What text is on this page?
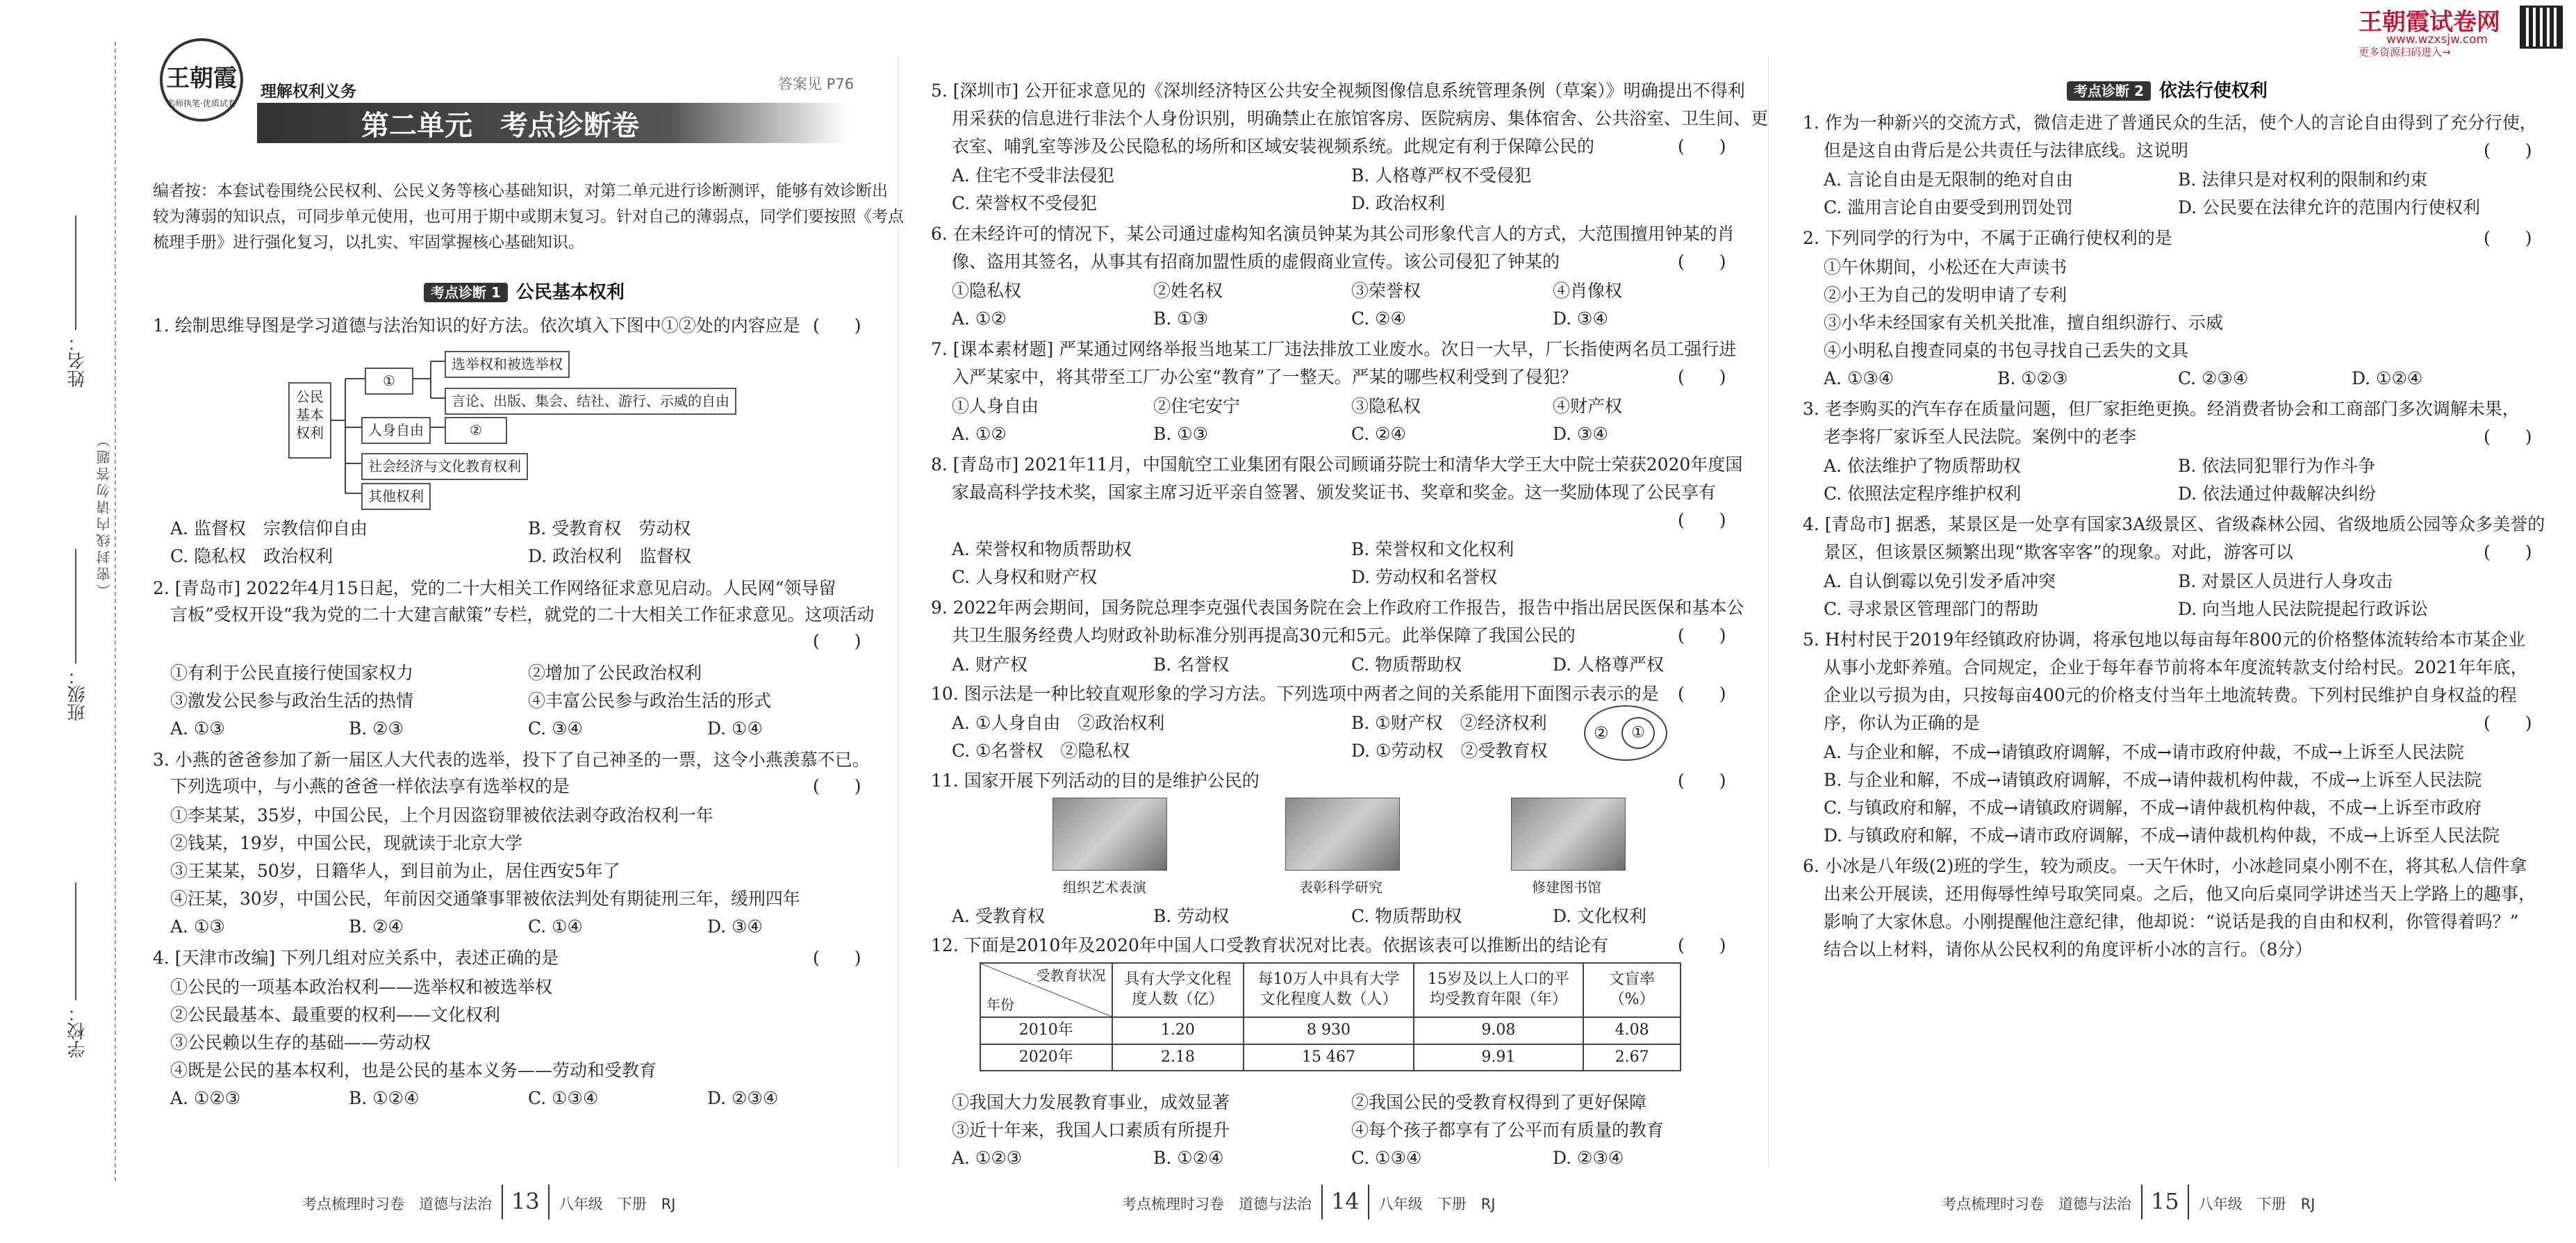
学校：
班级：
姓名：
（密封线内请勿答题）
王朝霞试卷网
www.wzxsjw.com
更多资源扫码进入→
王朝霞
名师执笔·优质试卷
理解权利义务	答案见 P76
第二单元　考点诊断卷
编者按：本套试卷围绕公民权利、公民义务等核心基础知识，对第二单元进行诊断测评，能够有效诊断出
较为薄弱的知识点，可同步单元使用，也可用于期中或期末复习。针对自己的薄弱点，同学们要按照《考点
梳理手册》进行强化复习，以扎实、牢固掌握核心基础知识。
考点诊断 1 公民基本权利
1. 绘制思维导图是学习道德与法治知识的好方法。依次填入下图中①②处的内容应是 (　　)
公民基本权利
①
选举权和被选举权
言论、出版、集会、结社、游行、示威的自由
人身自由	②
社会经济与文化教育权利
其他权利
A. 监督权　宗教信仰自由	B. 受教育权　劳动权
C. 隐私权　政治权利	D. 政治权利　监督权
2. [青岛市] 2022年4月15日起，党的二十大相关工作网络征求意见启动。人民网“领导留
言板”受权开设“我为党的二十大建言献策”专栏，就党的二十大相关工作征求意见。这项活动
(　　)
①有利于公民直接行使国家权力	②增加了公民政治权利
③激发公民参与政治生活的热情	④丰富公民参与政治生活的形式
A. ①③	B. ②③	C. ③④	D. ①④
3. 小燕的爸爸参加了新一届区人大代表的选举，投下了自己神圣的一票，这令小燕羡慕不已。
下列选项中，与小燕的爸爸一样依法享有选举权的是	(　　)
①李某某，35岁，中国公民，上个月因盗窃罪被依法剥夺政治权利一年
②钱某，19岁，中国公民，现就读于北京大学
③王某某，50岁，日籍华人，到目前为止，居住西安5年了
④汪某，30岁，中国公民，年前因交通肇事罪被依法判处有期徒刑三年，缓刑四年
A. ①③	B. ②④	C. ①④	D. ③④
4. [天津市改编] 下列几组对应关系中，表述正确的是	(　　)
①公民的一项基本政治权利——选举权和被选举权
②公民最基本、最重要的权利——文化权利
③公民赖以生存的基础——劳动权
④既是公民的基本权利，也是公民的基本义务——劳动和受教育
A. ①②③	B. ①②④	C. ①③④	D. ②③④
考点梳理时习卷　道德与法治 13 八年级　下册　RJ
5. [深圳市] 公开征求意见的《深圳经济特区公共安全视频图像信息系统管理条例（草案）》明确提出不得利
用采获的信息进行非法个人身份识别，明确禁止在旅馆客房、医院病房、集体宿舍、公共浴室、卫生间、更
衣室、哺乳室等涉及公民隐私的场所和区域安装视频系统。此规定有利于保障公民的	(　　)
A. 住宅不受非法侵犯	B. 人格尊严权不受侵犯
C. 荣誉权不受侵犯	D. 政治权利
6. 在未经许可的情况下，某公司通过虚构知名演员钟某为其公司形象代言人的方式，大范围擅用钟某的肖
像、盗用其签名，从事其有招商加盟性质的虚假商业宣传。该公司侵犯了钟某的	(　　)
①隐私权	②姓名权	③荣誉权	④肖像权
A. ①②	B. ①③	C. ②④	D. ③④
7. [课本素材题] 严某通过网络举报当地某工厂违法排放工业废水。次日一大早，厂长指使两名员工强行进
入严某家中，将其带至工厂办公室“教育”了一整天。严某的哪些权利受到了侵犯？	(　　)
①人身自由	②住宅安宁	③隐私权	④财产权
A. ①②	B. ①③	C. ②④	D. ③④
8. [青岛市] 2021年11月，中国航空工业集团有限公司顾诵芬院士和清华大学王大中院士荣获2020年度国
家最高科学技术奖，国家主席习近平亲自签署、颁发奖证书、奖章和奖金。这一奖励体现了公民享有
(　　)
A. 荣誉权和物质帮助权	B. 荣誉权和文化权利
C. 人身权和财产权	D. 劳动权和名誉权
9. 2022年两会期间，国务院总理李克强代表国务院在会上作政府工作报告，报告中指出居民医保和基本公
共卫生服务经费人均财政补助标准分别再提高30元和5元。此举保障了我国公民的	(　　)
A. 财产权	B. 名誉权	C. 物质帮助权	D. 人格尊严权
10. 图示法是一种比较直观形象的学习方法。下列选项中两者之间的关系能用下面图示表示的是 (　　)
A. ①人身自由　②政治权利	B. ①财产权　②经济权利
C. ①名誉权　②隐私权	D. ①劳动权　②受教育权
②	①
11. 国家开展下列活动的目的是维护公民的	(　　)
组织艺术表演	表彰科学研究	修建图书馆
A. 受教育权	B. 劳动权	C. 物质帮助权	D. 文化权利
12. 下面是2010年及2020年中国人口受教育状况对比表。依据该表可以推断出的结论有	(　　)
受教育状况
年份	具有大学文化程度人数（亿）	每10万人中具有大学文化程度人数（人）	15岁及以上人口的平均受教育年限（年）	文盲率（%）
2010年	1.20	8 930	9.08	4.08
2020年	2.18	15 467	9.91	2.67
①我国大力发展教育事业，成效显著	②我国公民的受教育权得到了更好保障
③近十年来，我国人口素质有所提升	④每个孩子都享有了公平而有质量的教育
A. ①②③	B. ①②④	C. ①③④	D. ②③④
考点梳理时习卷　道德与法治 14 八年级　下册　RJ
考点诊断 2 依法行使权利
1. 作为一种新兴的交流方式，微信走进了普通民众的生活，使个人的言论自由得到了充分行使，
但是这自由背后是公共责任与法律底线。这说明	(　　)
A. 言论自由是无限制的绝对自由	B. 法律只是对权利的限制和约束
C. 滥用言论自由要受到刑罚处罚	D. 公民要在法律允许的范围内行使权利
2. 下列同学的行为中，不属于正确行使权利的是	(　　)
①午休期间，小松还在大声读书
②小王为自己的发明申请了专利
③小华未经国家有关机关批准，擅自组织游行、示威
④小明私自搜查同桌的书包寻找自己丢失的文具
A. ①③④	B. ①②③	C. ②③④	D. ①②④
3. 老李购买的汽车存在质量问题，但厂家拒绝更换。经消费者协会和工商部门多次调解未果，
老李将厂家诉至人民法院。案例中的老李	(　　)
A. 依法维护了物质帮助权	B. 依法同犯罪行为作斗争
C. 依照法定程序维护权利	D. 依法通过仲裁解决纠纷
4. [青岛市] 据悉，某景区是一处享有国家3A级景区、省级森林公园、省级地质公园等众多美誉的
景区，但该景区频繁出现“欺客宰客”的现象。对此，游客可以	(　　)
A. 自认倒霉以免引发矛盾冲突	B. 对景区人员进行人身攻击
C. 寻求景区管理部门的帮助	D. 向当地人民法院提起行政诉讼
5. H村村民于2019年经镇政府协调，将承包地以每亩每年800元的价格整体流转给本市某企业
从事小龙虾养殖。合同规定，企业于每年春节前将本年度流转款支付给村民。2021年年底，
企业以亏损为由，只按每亩400元的价格支付当年土地流转费。下列村民维护自身权益的程
序，你认为正确的是	(　　)
A. 与企业和解，不成→请镇政府调解，不成→请市政府仲裁，不成→上诉至人民法院
B. 与企业和解，不成→请镇政府调解，不成→请仲裁机构仲裁，不成→上诉至人民法院
C. 与镇政府和解，不成→请镇政府调解，不成→请仲裁机构仲裁，不成→上诉至市政府
D. 与镇政府和解，不成→请市政府调解，不成→请仲裁机构仲裁，不成→上诉至人民法院
6. 小冰是八年级(2)班的学生，较为顽皮。一天午休时，小冰趁同桌小刚不在，将其私人信件拿
出来公开展读，还用侮辱性绰号取笑同桌。之后，他又向后桌同学讲述当天上学路上的趣事，
影响了大家休息。小刚提醒他注意纪律，他却说：“说话是我的自由和权利，你管得着吗？”
结合以上材料，请你从公民权利的角度评析小冰的言行。（8分）
考点梳理时习卷　道德与法治 15 八年级　下册　RJ
